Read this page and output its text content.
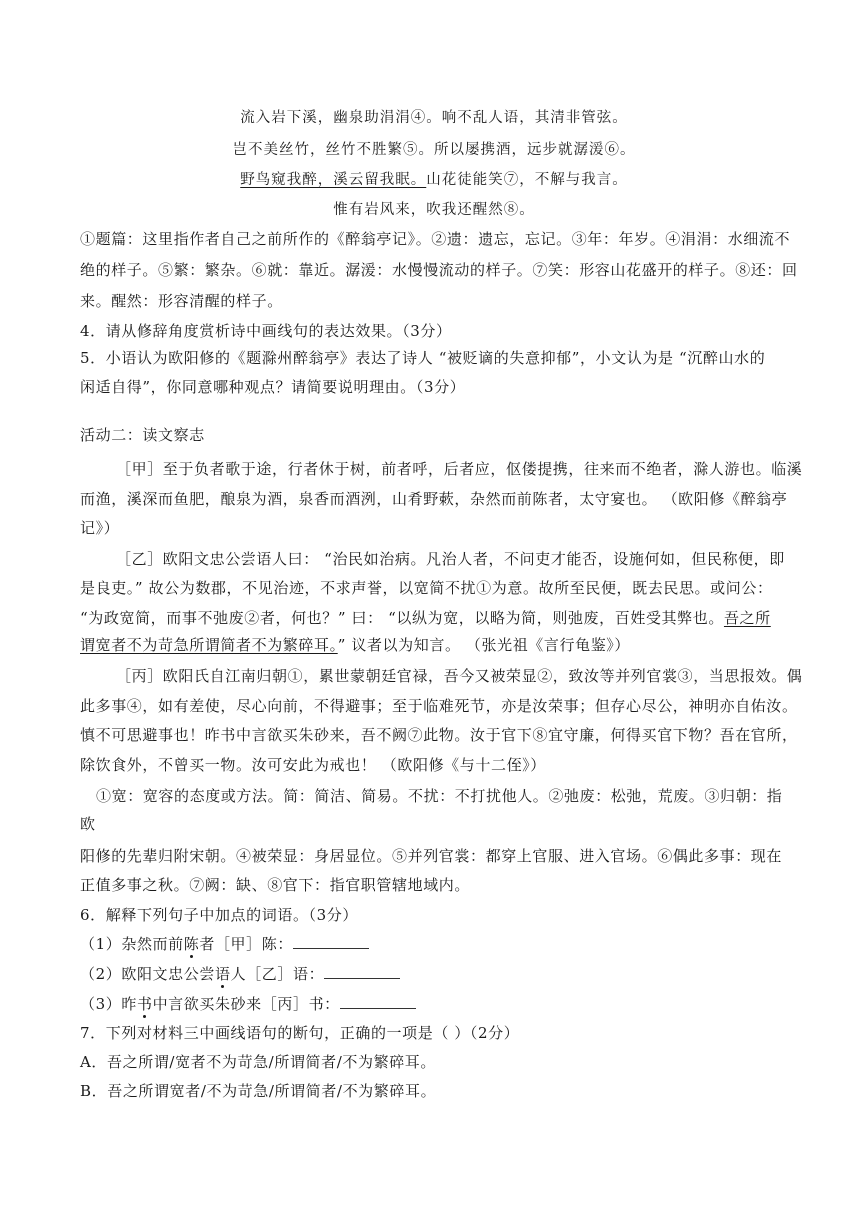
流入岩下溪，幽泉助涓涓④。响不乱人语，其清非管弦。
岂不美丝竹，丝竹不胜繁⑤。所以屡携酒，远步就潺湲⑥。
野鸟窥我醉，溪云留我眠。山花徒能笑⑦，不解与我言。
惟有岩风来，吹我还醒然⑧。
①题篇：这里指作者自己之前所作的《醉翁亭记》。②遗：遗忘，忘记。③年：年岁。④涓涓：水细流不
绝的样子。⑤繁：繁杂。⑥就：靠近。潺湲：水慢慢流动的样子。⑦笑：形容山花盛开的样子。⑧还：回
来。醒然：形容清醒的样子。
4．请从修辞角度赏析诗中画线句的表达效果。（3分）
5．小语认为欧阳修的《题滁州醉翁亭》表达了诗人 “被贬谪的失意抑郁”，小文认为是 “沉醉山水的
闲适自得”，你同意哪种观点？请简要说明理由。（3分）
活动二：读文察志
［甲］至于负者歌于途，行者休于树，前者呼，后者应，伛偻提携，往来而不绝者，滁人游也。临溪
而渔，溪深而鱼肥，酿泉为酒，泉香而酒洌，山肴野蔌，杂然而前陈者，太守宴也。 （欧阳修《醉翁亭
记》）
［乙］欧阳文忠公尝语人曰： “治民如治病。凡治人者，不问吏才能否，设施何如，但民称便，即
是良吏。” 故公为数郡，不见治迹，不求声誉，以宽简不扰①为意。故所至民便，既去民思。或问公：
“为政宽简，而事不弛废②者，何也？” 曰： “以纵为宽，以略为简，则弛废，百姓受其弊也。吾之所
谓宽者不为苛急所谓简者不为繁碎耳。” 议者以为知言。 （张光祖《言行龟鉴》）
［丙］欧阳氏自江南归朝①，累世蒙朝廷官禄，吾今又被荣显②，致汝等并列官裳③，当思报效。偶
此多事④，如有差使，尽心向前，不得避事；至于临难死节，亦是汝荣事；但存心尽公，神明亦自佑汝。
慎不可思避事也！昨书中言欲买朱砂来，吾不阙⑦此物。汝于官下⑧宜守廉，何得买官下物？吾在官所，
除饮食外，不曾买一物。汝可安此为戒也！ （欧阳修《与十二侄》）
①宽：宽容的态度或方法。简：简洁、简易。不扰：不打扰他人。②弛废：松弛，荒废。③归朝：指
欧
阳修的先辈归附宋朝。④被荣显：身居显位。⑤并列官裳：都穿上官服、进入官场。⑥偶此多事：现在
正值多事之秋。⑦阙：缺、⑧官下：指官职管辖地域内。
6．解释下列句子中加点的词语。（3分）
（1）杂然而前陈者［甲］陈：
（2）欧阳文忠公尝语人［乙］语：
（3）昨书中言欲买朱砂来［丙］书：
7．下列对材料三中画线语句的断句，正确的一项是（ ）（2分）
A．吾之所谓/宽者不为苛急/所谓简者/不为繁碎耳。
B．吾之所谓宽者/不为苛急/所谓简者/不为繁碎耳。
